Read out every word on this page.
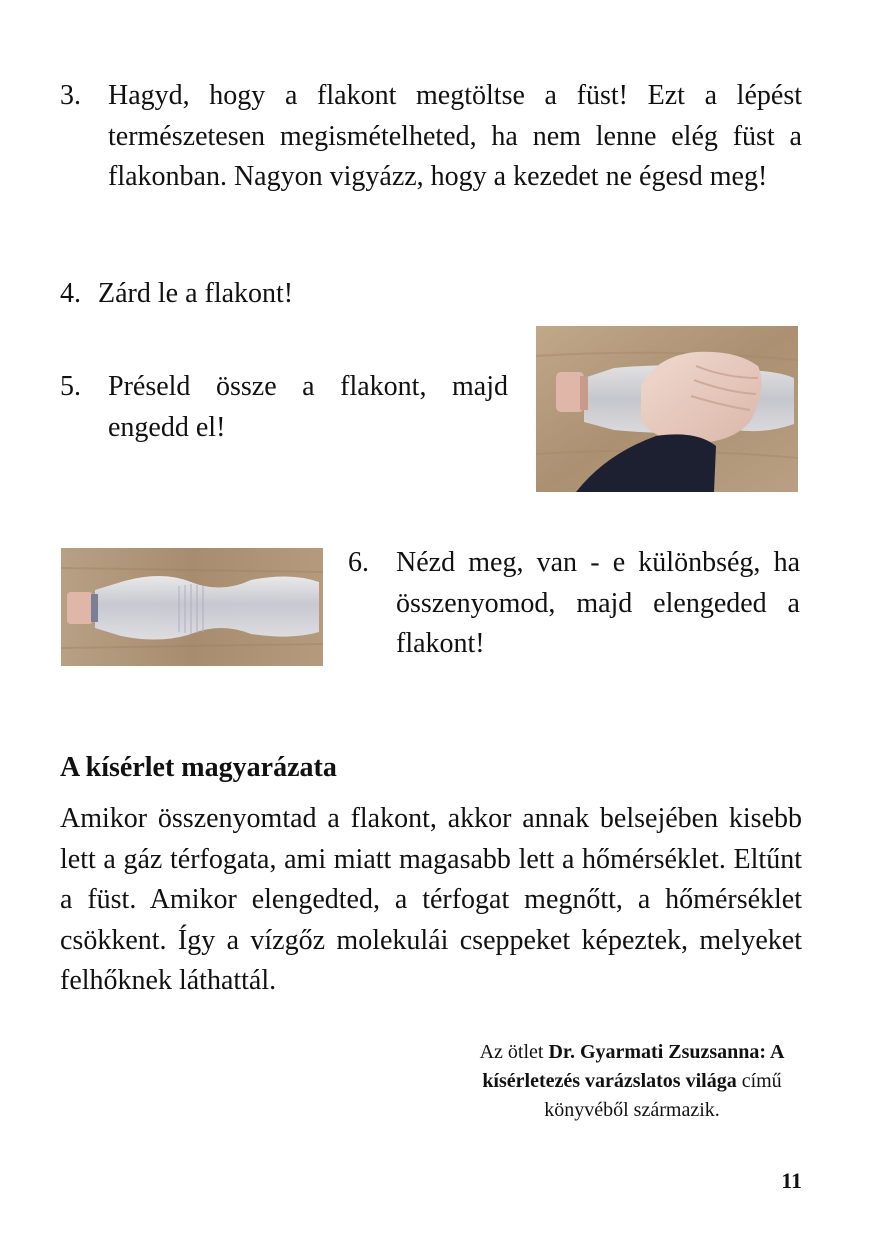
3. Hagyd, hogy a flakont megtöltse a füst! Ezt a lépést természetesen megismételheted, ha nem lenne elég füst a flakonban. Nagyon vigyázz, hogy a kezedet ne égesd meg!
4. Zárd le a flakont!
5. Préseld össze a flakont, majd engedd el!
6. Nézd meg, van - e különbség, ha összenyomod, majd elengeded a flakont!
A kísérlet magyarázata
Amikor összenyomtad a flakont, akkor annak belsejében kisebb lett a gáz térfogata, ami miatt magasabb lett a hőmérséklet. Eltűnt a füst. Amikor elengedted, a térfogat megnőtt, a hőmérséklet csökkent. Így a vízgőz molekulái cseppeket képeztek, melyeket felhőknek láthattál.
Az ötlet Dr. Gyarmati Zsuzsanna: A kísérletezés varázslatos világa című könyvéből származik.
11
